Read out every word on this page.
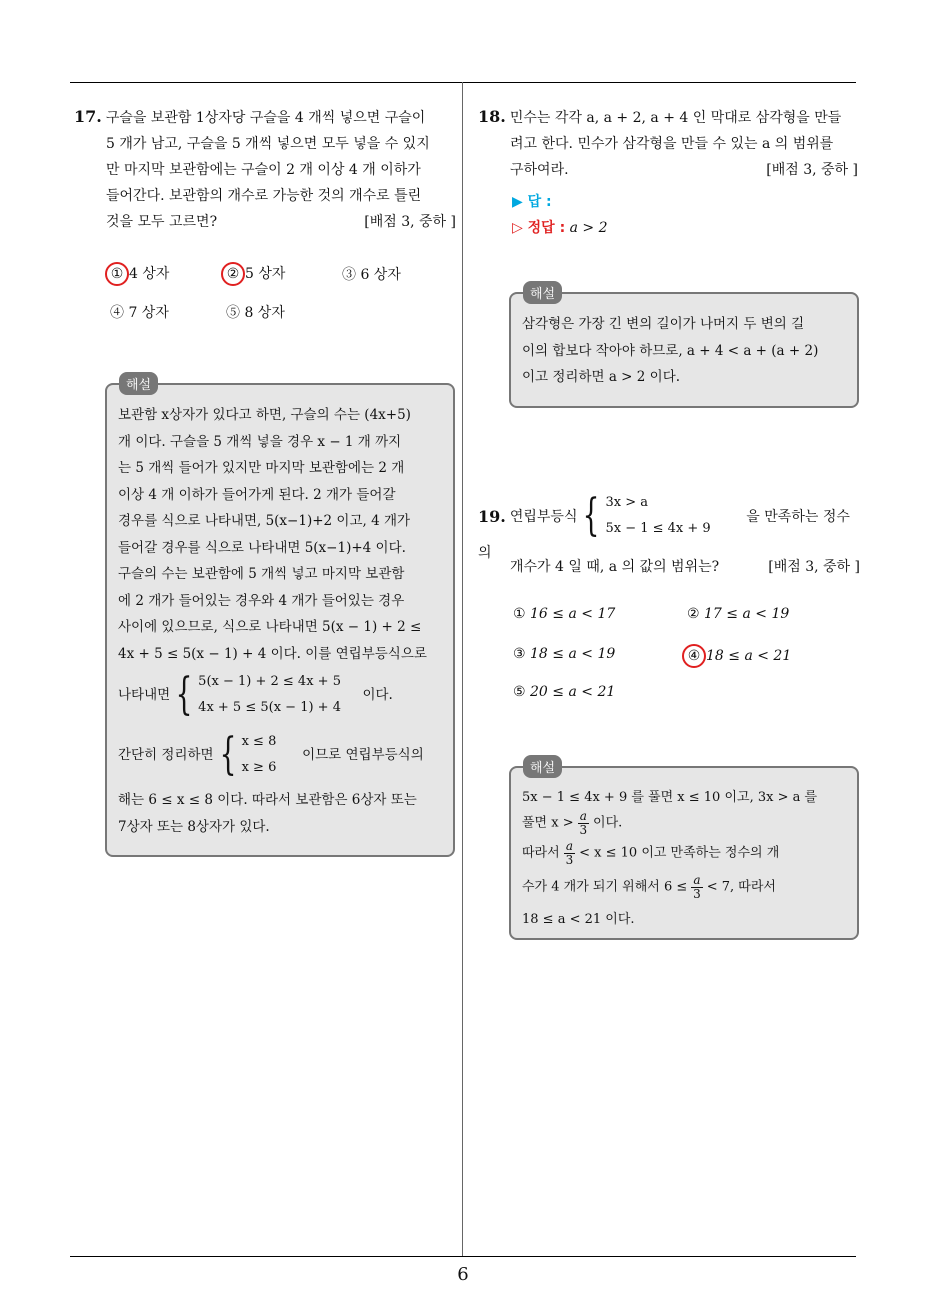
17. 구슬을 보관함 1상자당 구슬을 4 개씩 넣으면 구슬이
5 개가 남고, 구슬을 5 개씩 넣으면 모두 넣을 수 있지
만 마지막 보관함에는 구슬이 2 개 이상 4 개 이하가
들어간다. 보관함의 개수로 가능한 것의 개수로 틀린
것을 모두 고르면?	[배점 3, 중하 ]
① 4 상자	② 5 상자	③ 6 상자
④ 7 상자	⑤ 8 상자
해설
보관함 x상자가 있다고 하면, 구슬의 수는 (4x+5)
개 이다. 구슬을 5 개씩 넣을 경우 x − 1 개 까지
는 5 개씩 들어가 있지만 마지막 보관함에는 2 개
이상 4 개 이하가 들어가게 된다. 2 개가 들어갈
경우를 식으로 나타내면, 5(x−1)+2 이고, 4 개가
들어갈 경우를 식으로 나타내면 5(x−1)+4 이다.
구슬의 수는 보관함에 5 개씩 넣고 마지막 보관함
에 2 개가 들어있는 경우와 4 개가 들어있는 경우
사이에 있으므로, 식으로 나타내면 5(x − 1) + 2 ≤
4x + 5 ≤ 5(x − 1) + 4 이다. 이를 연립부등식으로
나타내면 { 5(x − 1) + 2 ≤ 4x + 5
4x + 5 ≤ 5(x − 1) + 4     이다.
간단히 정리하면 { x ≤ 8
x ≥ 6      이므로 연립부등식의
해는 6 ≤ x ≤ 8 이다. 따라서 보관함은 6상자 또는
7상자 또는 8상자가 있다.
18. 민수는 각각 a, a + 2, a + 4 인 막대로 삼각형을 만들
려고 한다. 민수가 삼각형을 만들 수 있는 a 의 범위를
구하여라.	[배점 3, 중하 ]
▶ 답 :
▷ 정답 : a > 2
해설
삼각형은 가장 긴 변의 길이가 나머지 두 변의 길
이의 합보다 작아야 하므로, a + 4 < a + (a + 2)
이고 정리하면 a > 2 이다.
19. 연립부등식 { 3x > a
5x − 1 ≤ 4x + 9        을 만족하는 정수의
개수가 4 일 때, a 의 값의 범위는?	[배점 3, 중하 ]
① 16 ≤ a < 17	② 17 ≤ a < 19
③ 18 ≤ a < 19	④ 18 ≤ a < 21
⑤ 20 ≤ a < 21
해설
5x − 1 ≤ 4x + 9 를 풀면 x ≤ 10 이고, 3x > a 를
풀면 $x > \frac{a}{3}$ 이다.
따라서 $\frac{a}{3} < x \le 10$ 이고 만족하는 정수의 개
수가 4 개가 되기 위해서 $6 \le \frac{a}{3} < 7$, 따라서
18 ≤ a < 21 이다.
6
